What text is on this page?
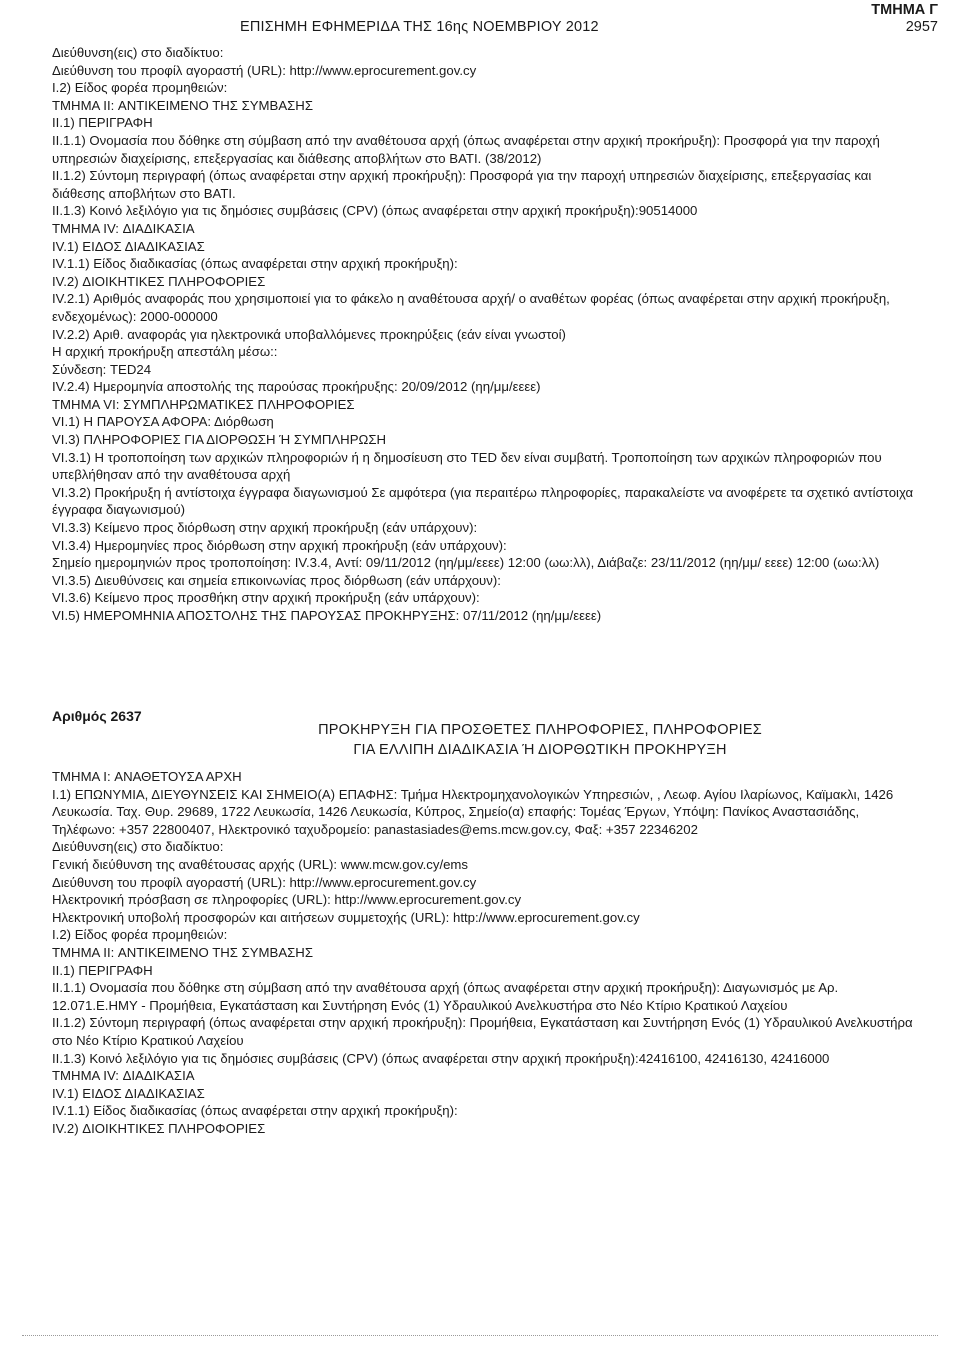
ΕΠΙΣΗΜΗ ΕΦΗΜΕΡΙΔΑ ΤΗΣ 16ης ΝΟΕΜΒΡΙΟΥ 2012
ΤΜΗΜΑ Γ
2957

Διεύθυνση(εις) στο διαδίκτυο:

Διεύθυνση του προφίλ αγοραστή (URL): http://www.eprocurement.gov.cy

I.2) Είδος φορέα προμηθειών:

ΤΜΗΜΑ II: ΑΝΤΙΚΕΙΜΕΝΟ ΤΗΣ ΣΥΜΒΑΣΗΣ

II.1) ΠΕΡΙΓΡΑΦΗ

II.1.1) Ονομασία που δόθηκε στη σύμβαση από την αναθέτουσα αρχή (όπως αναφέρεται στην αρχική προκήρυξη): Προσφορά για την παροχή υπηρεσιών διαχείρισης, επεξεργασίας και διάθεσης αποβλήτων στο ΒΑΤΙ. (38/2012)

II.1.2) Σύντομη περιγραφή (όπως αναφέρεται στην αρχική προκήρυξη): Προσφορά για την παροχή υπηρεσιών διαχείρισης, επεξεργασίας και διάθεσης αποβλήτων στο ΒΑΤΙ.

II.1.3) Κοινό λεξιλόγιο για τις δημόσιες συμβάσεις (CPV) (όπως αναφέρεται στην αρχική προκήρυξη):90514000

ΤΜΗΜΑ IV: ΔΙΑΔΙΚΑΣΙΑ

IV.1) ΕΙΔΟΣ ΔΙΑΔΙΚΑΣΙΑΣ

IV.1.1) Είδος διαδικασίας (όπως αναφέρεται στην αρχική προκήρυξη):

IV.2) ΔΙΟΙΚΗΤΙΚΕΣ ΠΛΗΡΟΦΟΡΙΕΣ

IV.2.1) Αριθμός αναφοράς που χρησιμοποιεί για το φάκελο η αναθέτουσα αρχή/ ο αναθέτων φορέας (όπως αναφέρεται στην αρχική προκήρυξη, ενδεχομένως): 2000-000000

IV.2.2) Αριθ. αναφοράς για ηλεκτρονικά υποβαλλόμενες προκηρύξεις (εάν είναι γνωστοί)

Η αρχική προκήρυξη απεστάλη μέσω::

Σύνδεση: TED24

IV.2.4) Ημερομηνία αποστολής της παρούσας προκήρυξης: 20/09/2012 (ηη/μμ/εεεε)

ΤΜΗΜΑ VI: ΣΥΜΠΛΗΡΩΜΑΤΙΚΕΣ ΠΛΗΡΟΦΟΡΙΕΣ

VI.1) Η ΠΑΡΟΥΣΑ ΑΦΟΡΑ: Διόρθωση

VI.3) ΠΛΗΡΟΦΟΡΙΕΣ ΓΙΑ ΔΙΟΡΘΩΣΗ Ή ΣΥΜΠΛΗΡΩΣΗ

VI.3.1) Η τροποποίηση των αρχικών πληροφοριών ή η δημοσίευση στο TED δεν είναι συμβατή. Τροποποίηση των αρχικών πληροφοριών που υπεβλήθησαν από την αναθέτουσα αρχή

VI.3.2) Προκήρυξη ή αντίστοιχα έγγραφα διαγωνισμού Σε αμφότερα (για περαιτέρω πληροφορίες, παρακαλείστε να ανοφέρετε τα σχετικό αντίστοιχα έγγραφα διαγωνισμού)

VI.3.3) Κείμενο προς διόρθωση στην αρχική προκήρυξη (εάν υπάρχουν):

VI.3.4) Ημερομηνίες προς διόρθωση στην αρχική προκήρυξη (εάν υπάρχουν):

Σημείο ημερομηνιών προς τροποποίηση: IV.3.4, Αντί: 09/11/2012 (ηη/μμ/εεεε) 12:00 (ωω:λλ), Διάβαζε: 23/11/2012 (ηη/μμ/ εεεε) 12:00 (ωω:λλ)

VI.3.5) Διευθύνσεις και σημεία επικοινωνίας προς διόρθωση (εάν υπάρχουν):

VI.3.6) Κείμενο προς προσθήκη στην αρχική προκήρυξη (εάν υπάρχουν):

VI.5) ΗΜΕΡΟΜΗΝΙΑ ΑΠΟΣΤΟΛΗΣ ΤΗΣ ΠΑΡΟΥΣΑΣ ΠΡΟΚΗΡΥΞΗΣ: 07/11/2012 (ηη/μμ/εεεε)

Αριθμός 2637
ΠΡΟΚΗΡΥΞΗ ΓΙΑ ΠΡΟΣΘΕΤΕΣ ΠΛΗΡΟΦΟΡΙΕΣ, ΠΛΗΡΟΦΟΡΙΕΣ
ΓΙΑ ΕΛΛΙΠΗ ΔΙΑΔΙΚΑΣΙΑ Ή ΔΙΟΡΘΩΤΙΚΗ ΠΡΟΚΗΡΥΞΗ

ΤΜΗΜΑ I: ΑΝΑΘΕΤΟΥΣΑ ΑΡΧΗ

I.1) ΕΠΩΝΥΜΙΑ, ΔΙΕΥΘΥΝΣΕΙΣ ΚΑΙ ΣΗΜΕΙΟ(Α) ΕΠΑΦΗΣ: Τμήμα Ηλεκτρομηχανολογικών Υπηρεσιών, , Λεωφ. Αγίου Ιλαρίωνος, Καϊμακλι, 1426 Λευκωσία. Ταχ. Θυρ. 29689, 1722 Λευκωσία, 1426 Λευκωσία, Κύπρος, Σημείο(α) επαφής: Τομέας Έργων, Υπόψη: Πανίκος Αναστασιάδης, Τηλέφωνο: +357 22800407, Ηλεκτρονικό ταχυδρομείο: panastasiades@ems.mcw.gov.cy, Φαξ: +357 22346202

Διεύθυνση(εις) στο διαδίκτυο:

Γενική διεύθυνση της αναθέτουσας αρχής (URL): www.mcw.gov.cy/ems

Διεύθυνση του προφίλ αγοραστή (URL): http://www.eprocurement.gov.cy

Ηλεκτρονική πρόσβαση σε πληροφορίες (URL): http://www.eprocurement.gov.cy

Ηλεκτρονική υποβολή προσφορών και αιτήσεων συμμετοχής (URL): http://www.eprocurement.gov.cy

I.2) Είδος φορέα προμηθειών:

ΤΜΗΜΑ II: ΑΝΤΙΚΕΙΜΕΝΟ ΤΗΣ ΣΥΜΒΑΣΗΣ

II.1) ΠΕΡΙΓΡΑΦΗ

II.1.1) Ονομασία που δόθηκε στη σύμβαση από την αναθέτουσα αρχή (όπως αναφέρεται στην αρχική προκήρυξη): Διαγωνισμός με Αρ. 12.071.Ε.ΗΜΥ - Προμήθεια, Εγκατάσταση και Συντήρηση Ενός (1) Υδραυλικού Ανελκυστήρα στο Νέο Κτίριο Κρατικού Λαχείου

II.1.2) Σύντομη περιγραφή (όπως αναφέρεται στην αρχική προκήρυξη): Προμήθεια, Εγκατάσταση και Συντήρηση Ενός (1) Υδραυλικού Ανελκυστήρα στο Νέο Κτίριο Κρατικού Λαχείου

II.1.3) Κοινό λεξιλόγιο για τις δημόσιες συμβάσεις (CPV) (όπως αναφέρεται στην αρχική προκήρυξη):42416100, 42416130, 42416000

ΤΜΗΜΑ IV: ΔΙΑΔΙΚΑΣΙΑ

IV.1) ΕΙΔΟΣ ΔΙΑΔΙΚΑΣΙΑΣ

IV.1.1) Είδος διαδικασίας (όπως αναφέρεται στην αρχική προκήρυξη):

IV.2) ΔΙΟΙΚΗΤΙΚΕΣ ΠΛΗΡΟΦΟΡΙΕΣ
